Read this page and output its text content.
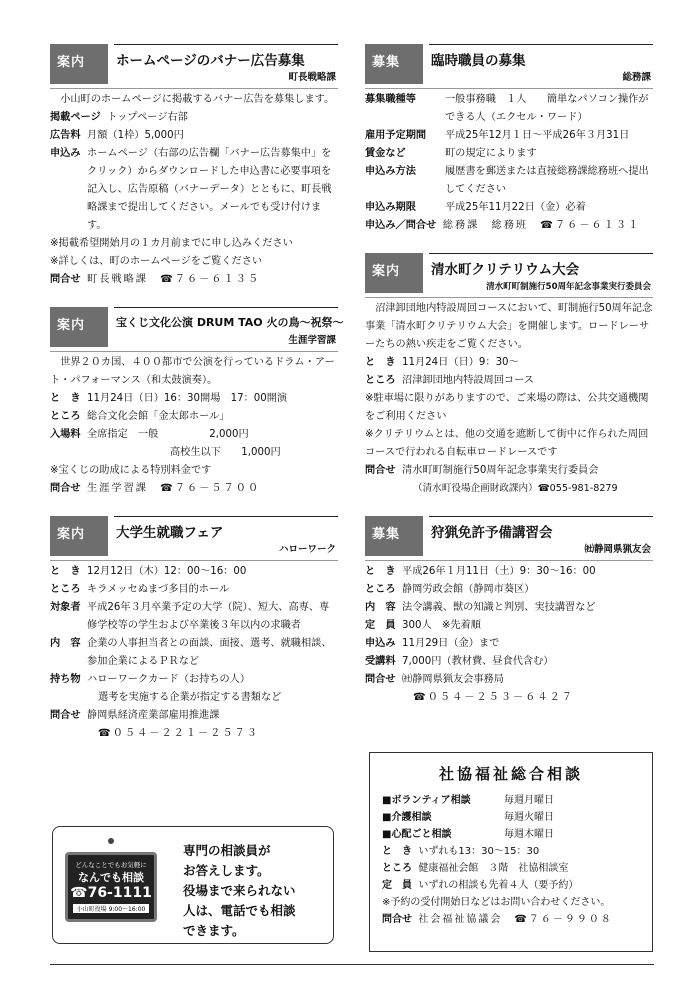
案内	ホームページのバナー広告募集
町長戦略課
小山町のホームページに掲載するバナー広告を募集します。
掲載ページ
トップページ右部
広告料
月額（1枠）5,000円
申込み
ホームページ（右部の広告欄「バナー広告募集中」をクリック）からダウンロードした申込書に必要事項を記入し、広告原稿（バナーデータ）とともに、町長戦略課まで提出してください。メールでも受け付けます。
※掲載希望開始月の１カ月前までに申し込みください
※詳しくは、町のホームページをご覧ください
問合せ
町長戦略課　☎７６－６１３５
案内	宝くじ文化公演 DRUM TAO 火の鳥～祝祭～
生涯学習課
世界２０カ国、４００都市で公演を行っているドラム・アート・パフォーマンス（和太鼓演奏）。
と　き
11月24日（日）16：30開場　17：00開演
ところ
総合文化会館「金太郎ホール」
入場料
全席指定　一般　　　　　2,000円
高校生以下　　1,000円
※宝くじの助成による特別料金です
問合せ
生涯学習課　☎７６－５７００
案内	大学生就職フェア
ハローワーク
と　き
12月12日（木）12：00～16：00
ところ
キラメッセぬまづ多目的ホール
対象者
平成26年３月卒業予定の大学（院）、短大、高専、専修学校等の学生および卒業後３年以内の求職者
内　容
企業の人事担当者との面談、面接、選考、就職相談、参加企業によるＰＲなど
持ち物
ハローワークカード（お持ちの人）
選考を実施する企業が指定する書類など
問合せ
静岡県経済産業部雇用推進課
☎０５４－２２１－２５７３
どんなことでもお気軽に
なんでも相談
☎76-1111
小山町役場 9:00～16:00
専門の相談員が
お答えします。
役場まで来られない
人は、電話でも相談
できます。
募集	臨時職員の募集
総務課
募集職種等	一般事務職　１人　　簡単なパソコン操作ができる人（エクセル・ワード）
雇用予定期間	平成25年12月１日～平成26年３月31日
賃金など	町の規定によります
申込み方法	履歴書を郵送または直接総務課総務班へ提出してください
申込み期限	平成25年11月22日（金）必着
申込み／問合せ
総務課　総務班　☎７６－６１３１
案内	清水町クリテリウム大会
清水町町制施行50周年記念事業実行委員会
沼津卸団地内特設周回コースにおいて、町制施行50周年記念事業「清水町クリテリウム大会」を開催します。ロードレーサーたちの熱い疾走をご覧ください。
と　き
11月24日（日）9：30～
ところ
沼津卸団地内特設周回コース
※駐車場に限りがありますので、ご来場の際は、公共交通機関をご利用ください
※クリテリウムとは、他の交通を遮断して街中に作られた周回コースで行われる自転車ロードレースです
問合せ
清水町町制施行50周年記念事業実行委員会
（清水町役場企画財政課内）☎055-981-8279
募集	狩猟免許予備講習会
㈳静岡県猟友会
と　き
平成26年１月11日（土）9：30～16：00
ところ
静岡労政会館（静岡市葵区）
内　容
法令講義、獣の知識と判別、実技講習など
定　員
300人　※先着順
申込み
11月29日（金）まで
受講料
7,000円（教材費、昼食代含む）
問合せ
㈳静岡県猟友会事務局
☎０５４－２５３－６４２７
社協福祉総合相談
■ボランティア相談	毎週月曜日
■介護相談	毎週火曜日
■心配ごと相談	毎週木曜日
と　き
いずれも13：30～15：30
ところ
健康福祉会館　３階　社協相談室
定　員
いずれの相談も先着４人（要予約）
※予約の受付開始日などはお問い合わせください。
問合せ
社会福祉協議会　☎７６－９９０８
